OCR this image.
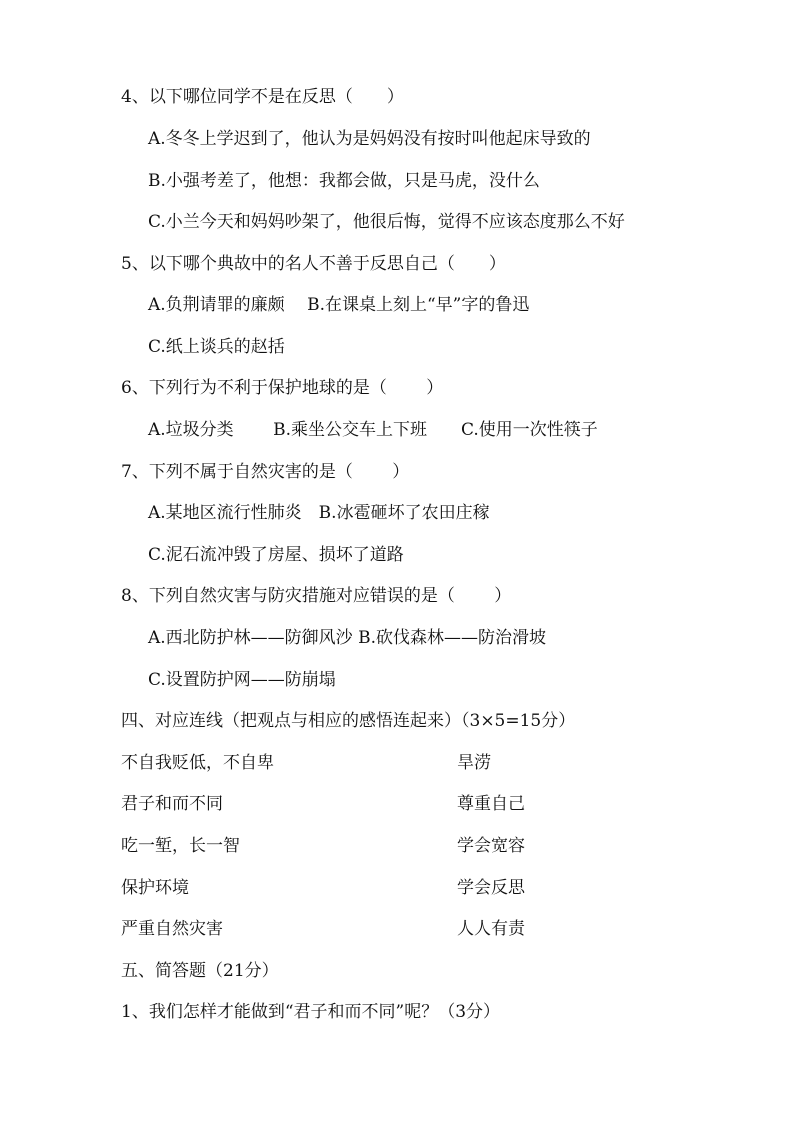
4、以下哪位同学不是在反思（　　）
A.冬冬上学迟到了，他认为是妈妈没有按时叫他起床导致的
B.小强考差了，他想：我都会做，只是马虎，没什么
C.小兰今天和妈妈吵架了，他很后悔，觉得不应该态度那么不好
5、以下哪个典故中的名人不善于反思自己（　　）
A.负荆请罪的廉颇　 B.在课桌上刻上“早”字的鲁迅
C.纸上谈兵的赵括
6、下列行为不利于保护地球的是（　　 ）
A.垃圾分类　　 B.乘坐公交车上下班　　C.使用一次性筷子
7、下列不属于自然灾害的是（　　 ）
A.某地区流行性肺炎　B.冰雹砸坏了农田庄稼
C.泥石流冲毁了房屋、损坏了道路
8、下列自然灾害与防灾措施对应错误的是（　　 ）
A.西北防护林——防御风沙 B.砍伐森林——防治滑坡
C.设置防护网——防崩塌
四、对应连线（把观点与相应的感悟连起来）（3×5=15分）
不自我贬低，不自卑	旱涝
君子和而不同	尊重自己
吃一堑，长一智	学会宽容
保护环境	学会反思
严重自然灾害	人人有责
五、简答题（21分）
1、我们怎样才能做到“君子和而不同”呢？（3分）
